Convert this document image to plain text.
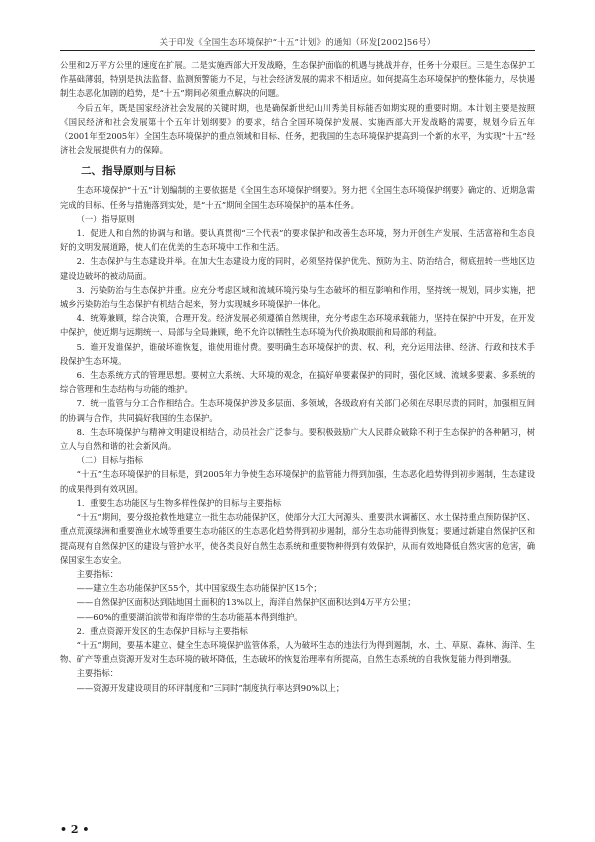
关于印发《全国生态环境保护“十五”计划》的通知（环发[2002]56号）

公里和2万平方公里的速度在扩展。二是实施西部大开发战略，生态保护面临的机遇与挑战并存，任务十分艰巨。三是生态保护工作基础薄弱，特别是执法监督、监测预警能力不足，与社会经济发展的需求不相适应。如何提高生态环境保护的整体能力，尽快遏制生态恶化加剧的趋势，是“十五”期间必须重点解决的问题。

今后五年，既是国家经济社会发展的关键时期，也是确保新世纪山川秀美目标能否如期实现的重要时期。本计划主要是按照《国民经济和社会发展第十个五年计划纲要》的要求，结合全国环境保护发展、实施西部大开发战略的需要，规划今后五年（2001年至2005年）全国生态环境保护的重点领域和目标、任务，把我国的生态环境保护提高到一个新的水平，为实现“十五”经济社会发展提供有力的保障。

二、指导原则与目标

生态环境保护“十五”计划编制的主要依据是《全国生态环境保护纲要》。努力把《全国生态环境保护纲要》确定的、近期急需完成的目标、任务与措施落到实处，是“十五”期间全国生态环境保护的基本任务。

（一）指导原则

1．促进人和自然的协调与和谐。要认真贯彻“三个代表”的要求保护和改善生态环境，努力开创生产发展、生活富裕和生态良好的文明发展道路，使人们在优美的生态环境中工作和生活。

2．生态保护与生态建设并举。在加大生态建设力度的同时，必须坚持保护优先、预防为主、防治结合，彻底扭转一些地区边建设边破坏的被动局面。

3．污染防治与生态保护并重。应充分考虑区域和流域环境污染与生态破坏的相互影响和作用，坚持统一规划，同步实施，把城乡污染防治与生态保护有机结合起来，努力实现城乡环境保护一体化。

4．统筹兼顾，综合决策，合理开发。经济发展必须遵循自然规律，充分考虑生态环境承载能力，坚持在保护中开发，在开发中保护，使近期与远期统一、局部与全局兼顾，绝不允许以牺牲生态环境为代价换取眼前和局部的利益。

5．谁开发谁保护，谁破坏谁恢复，谁使用谁付费。要明确生态环境保护的责、权、利，充分运用法律、经济、行政和技术手段保护生态环境。

6．生态系统方式的管理思想。要树立大系统、大环境的观念，在搞好单要素保护的同时，强化区域、流域多要素、多系统的综合管理和生态结构与功能的维护。

7．统一监管与分工合作相结合。生态环境保护涉及多层面、多领域，各级政府有关部门必须在尽职尽责的同时，加强相互间的协调与合作，共同搞好我国的生态保护。

8．生态环境保护与精神文明建设相结合，动员社会广泛参与。要积极鼓励广大人民群众破除不利于生态保护的各种陋习，树立人与自然和谐的社会新风尚。

（二）目标与指标

“十五”生态环境保护的目标是，到2005年力争使生态环境保护的监管能力得到加强，生态恶化趋势得到初步遏制，生态建设的成果得到有效巩固。

1．重要生态功能区与生物多样性保护的目标与主要指标

“十五”期间，要分级抢救性地建立一批生态功能保护区，使部分大江大河源头、重要洪水调蓄区、水土保持重点预防保护区、重点荒漠绿洲和重要渔业水域等重要生态功能区的生态恶化趋势得到初步遏制，部分生态功能得到恢复；要通过新建自然保护区和提高现有自然保护区的建设与管护水平，使各类良好自然生态系统和重要物种得到有效保护，从而有效地降低自然灾害的危害，确保国家生态安全。

主要指标：

——建立生态功能保护区55个，其中国家级生态功能保护区15个；

——自然保护区面积达到陆地国土面积的13%以上，海洋自然保护区面积达到4万平方公里；

——60%的重要湖泊滨带和海岸带的生态功能基本得到维护。

2．重点资源开发区的生态保护目标与主要指标

“十五”期间，要基本建立、健全生态环境保护监管体系，人为破坏生态的违法行为得到遏制，水、土、草原、森林、海洋、生物、矿产等重点资源开发对生态环境的破坏降低，生态破坏的恢复治理率有所提高，自然生态系统的自我恢复能力得到增强。

主要指标：

——资源开发建设项目的环评制度和“三同时”制度执行率达到90%以上；

• 2 •
